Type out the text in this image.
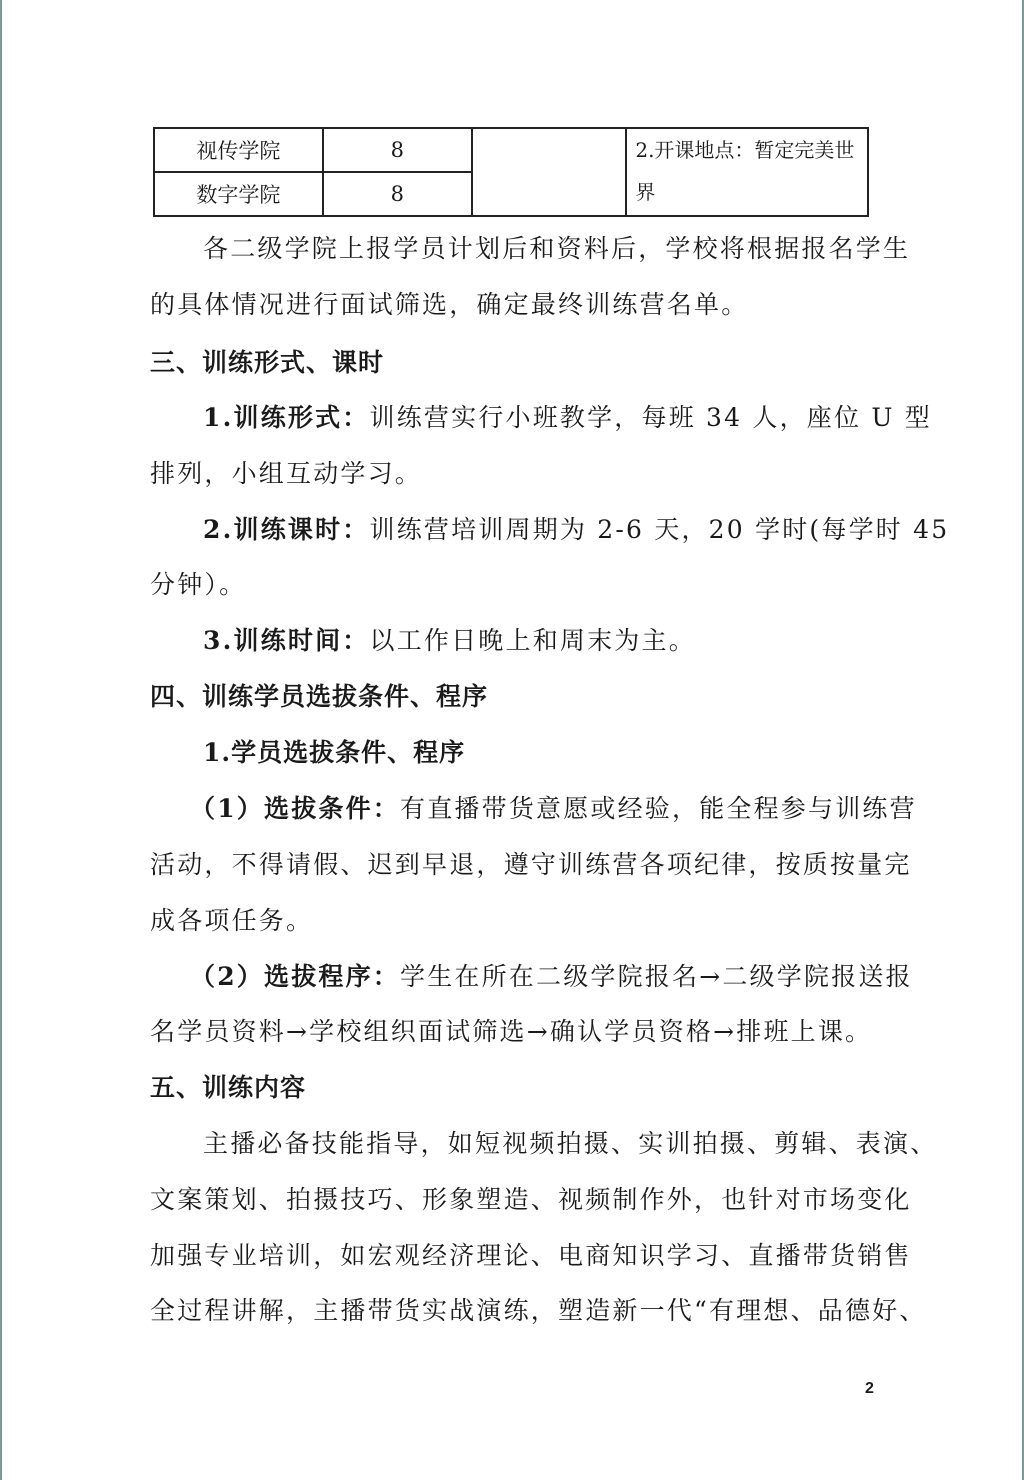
视传学院	8		2.开课地点：暂定完美世界
数字学院	8		
各二级学院上报学员计划后和资料后，学校将根据报名学生
的具体情况进行面试筛选，确定最终训练营名单。
三、训练形式、课时
1.训练形式：训练营实行小班教学，每班 34 人，座位 U 型
排列，小组互动学习。
2.训练课时：训练营培训周期为 2-6 天，20 学时(每学时 45
分钟）。
3.训练时间：以工作日晚上和周末为主。
四、训练学员选拔条件、程序
1.学员选拔条件、程序
（1）选拔条件：有直播带货意愿或经验，能全程参与训练营
活动，不得请假、迟到早退，遵守训练营各项纪律，按质按量完
成各项任务。
（2）选拔程序：学生在所在二级学院报名→二级学院报送报
名学员资料→学校组织面试筛选→确认学员资格→排班上课。
五、训练内容
主播必备技能指导，如短视频拍摄、实训拍摄、剪辑、表演、
文案策划、拍摄技巧、形象塑造、视频制作外，也针对市场变化
加强专业培训，如宏观经济理论、电商知识学习、直播带货销售
全过程讲解，主播带货实战演练，塑造新一代“有理想、品德好、
2
